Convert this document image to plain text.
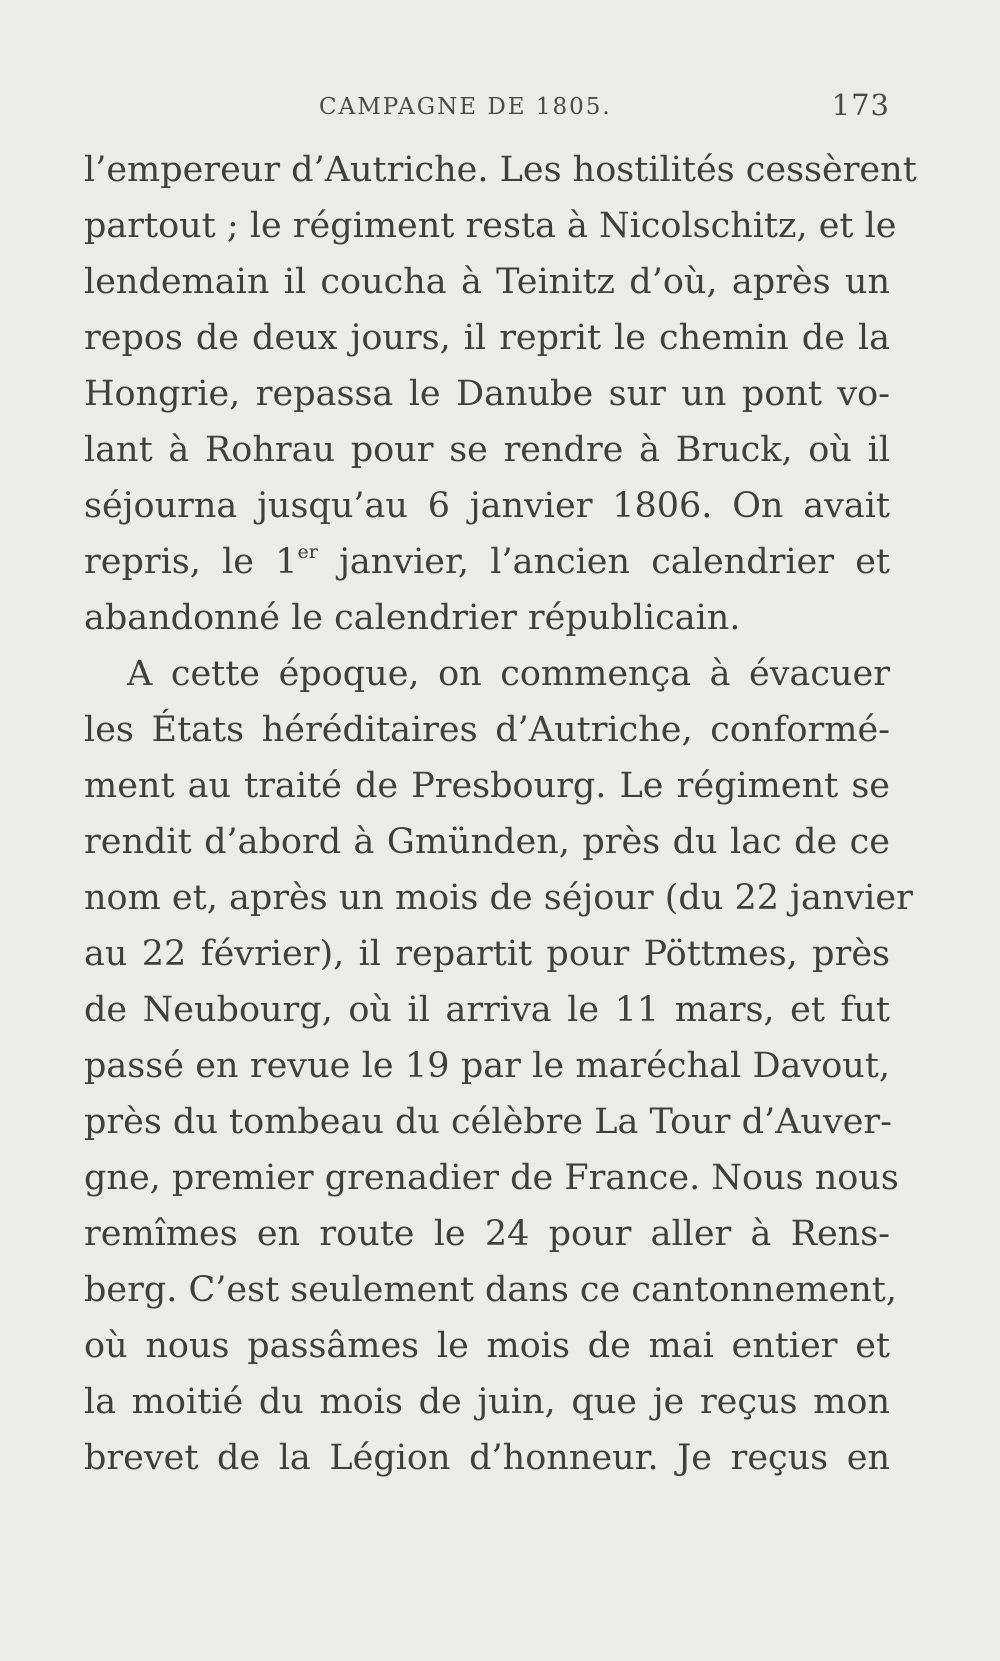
CAMPAGNE DE 1805.	173
l’empereur d’Autriche. Les hostilités cessèrent
partout ; le régiment resta à Nicolschitz, et le
lendemain il coucha à Teinitz d’où, après un
repos de deux jours, il reprit le chemin de la
Hongrie, repassa le Danube sur un pont vo-
lant à Rohrau pour se rendre à Bruck, où il
séjourna jusqu’au 6 janvier 1806. On avait
repris, le 1er janvier, l’ancien calendrier et
abandonné le calendrier républicain.
A cette époque, on commença à évacuer
les États héréditaires d’Autriche, conformé-
ment au traité de Presbourg. Le régiment se
rendit d’abord à Gmünden, près du lac de ce
nom et, après un mois de séjour (du 22 janvier
au 22 février), il repartit pour Pöttmes, près
de Neubourg, où il arriva le 11 mars, et fut
passé en revue le 19 par le maréchal Davout,
près du tombeau du célèbre La Tour d’Auver-
gne, premier grenadier de France. Nous nous
remîmes en route le 24 pour aller à Rens-
berg. C’est seulement dans ce cantonnement,
où nous passâmes le mois de mai entier et
la moitié du mois de juin, que je reçus mon
brevet de la Légion d’honneur. Je reçus en
